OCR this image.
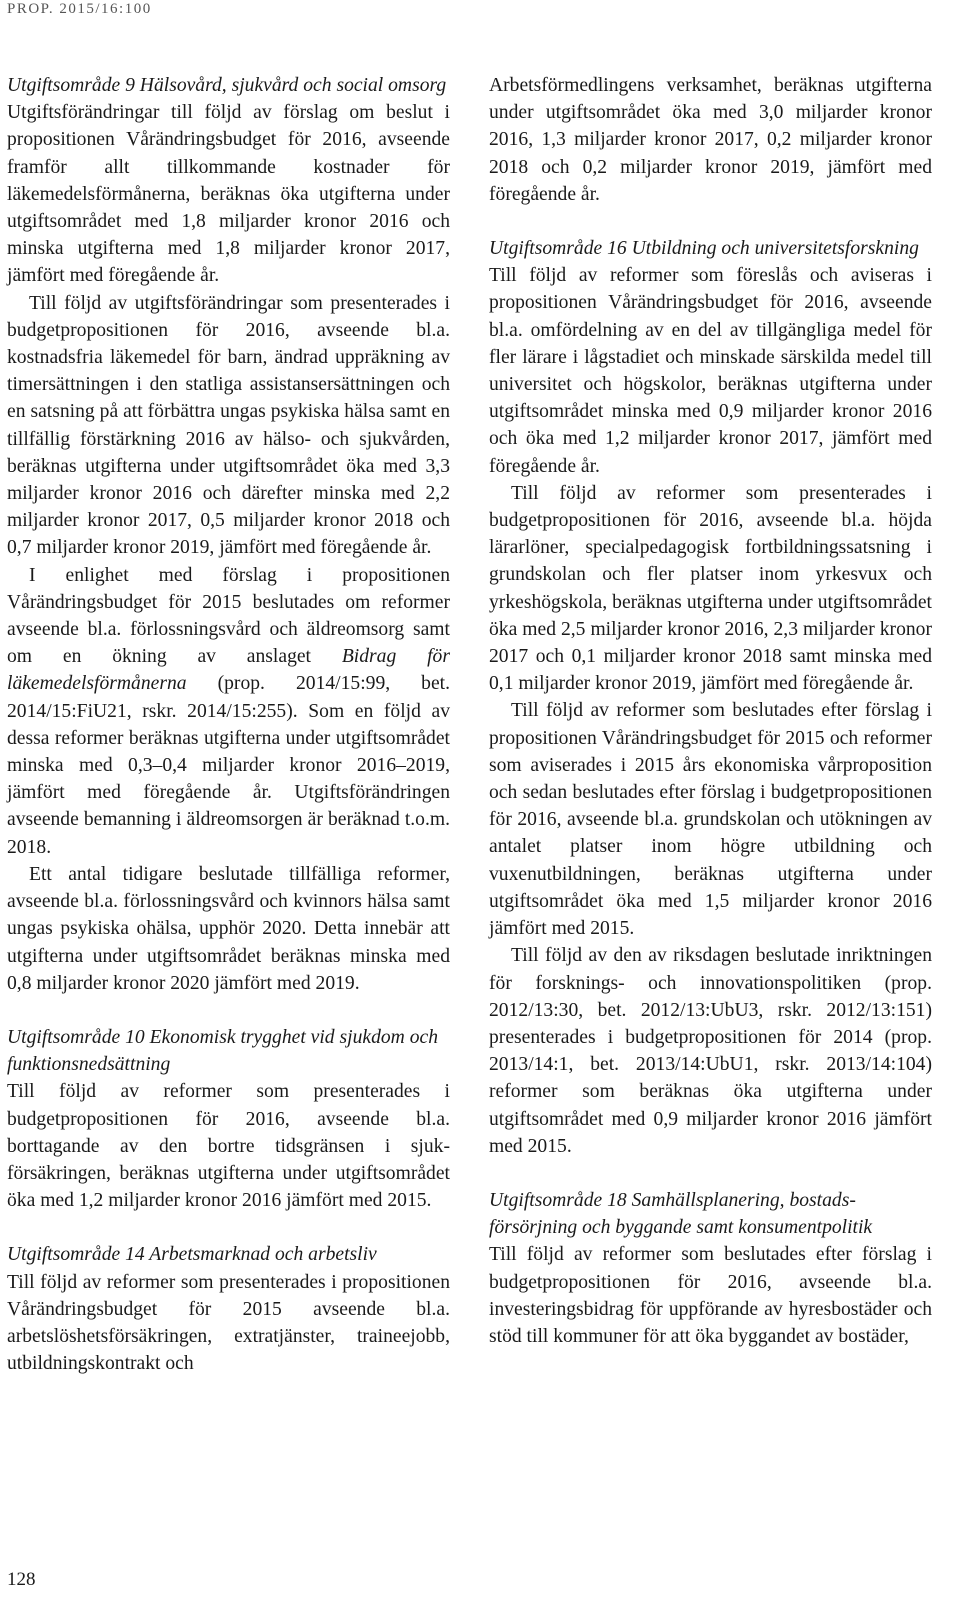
PROP. 2015/16:100
Utgiftsområde 9 Hälsovård, sjukvård och social omsorg

Utgiftsförändringar till följd av förslag om beslut i propositionen Vårändringsbudget för 2016, avseende framför allt tillkommande kostnader för läkemedelsförmånerna, beräknas öka utgifterna under utgiftsområdet med 1,8 miljarder kronor 2016 och minska utgifterna med 1,8 miljarder kronor 2017, jämfört med föregående år.

Till följd av utgiftsförändringar som presenterades i budgetpropositionen för 2016, avseende bl.a. kostnadsfria läkemedel för barn, ändrad uppräkning av timersättningen i den statliga assistansersättningen och en satsning på att förbättra ungas psykiska hälsa samt en tillfällig förstärkning 2016 av hälso- och sjukvården, beräknas utgifterna under utgiftsområdet öka med 3,3 miljarder kronor 2016 och därefter minska med 2,2 miljarder kronor 2017, 0,5 miljarder kronor 2018 och 0,7 miljarder kronor 2019, jämfört med föregående år.

I enlighet med förslag i propositionen Vårändringsbudget för 2015 beslutades om reformer avseende bl.a. förlossningsvård och äldreomsorg samt om en ökning av anslaget Bidrag för läkemedelsförmånerna (prop. 2014/15:99, bet. 2014/15:FiU21, rskr. 2014/15:255). Som en följd av dessa reformer beräknas utgifterna under utgiftsområdet minska med 0,3–0,4 miljarder kronor 2016–2019, jämfört med föregående år. Utgiftsförändringen avseende bemanning i äldreomsorgen är beräknad t.o.m. 2018.

Ett antal tidigare beslutade tillfälliga reformer, avseende bl.a. förlossningsvård och kvinnors hälsa samt ungas psykiska ohälsa, upphör 2020. Detta innebär att utgifterna under utgiftsområdet beräknas minska med 0,8 miljarder kronor 2020 jämfört med 2019.

Utgiftsområde 10 Ekonomisk trygghet vid sjukdom och funktionsnedsättning

Till följd av reformer som presenterades i budgetpropositionen för 2016, avseende bl.a. borttagande av den bortre tidsgränsen i sjukförsäkringen, beräknas utgifterna under utgiftsområdet öka med 1,2 miljarder kronor 2016 jämfört med 2015.

Utgiftsområde 14 Arbetsmarknad och arbetsliv

Till följd av reformer som presenterades i propositionen Vårändringsbudget för 2015 avseende bl.a. arbetslöshetsförsäkringen, extratjänster, traineejobb, utbildningskontrakt och

Arbetsförmedlingens verksamhet, beräknas utgifterna under utgiftsområdet öka med 3,0 miljarder kronor 2016, 1,3 miljarder kronor 2017, 0,2 miljarder kronor 2018 och 0,2 miljarder kronor 2019, jämfört med föregående år.

Utgiftsområde 16 Utbildning och universitetsforskning

Till följd av reformer som föreslås och aviseras i propositionen Vårändringsbudget för 2016, avseende bl.a. omfördelning av en del av tillgängliga medel för fler lärare i lågstadiet och minskade särskilda medel till universitet och högskolor, beräknas utgifterna under utgiftsområdet minska med 0,9 miljarder kronor 2016 och öka med 1,2 miljarder kronor 2017, jämfört med föregående år.

Till följd av reformer som presenterades i budgetpropositionen för 2016, avseende bl.a. höjda lärarlöner, specialpedagogisk fortbildningssatsning i grundskolan och fler platser inom yrkesvux och yrkeshögskola, beräknas utgifterna under utgiftsområdet öka med 2,5 miljarder kronor 2016, 2,3 miljarder kronor 2017 och 0,1 miljarder kronor 2018 samt minska med 0,1 miljarder kronor 2019, jämfört med föregående år.

Till följd av reformer som beslutades efter förslag i propositionen Vårändringsbudget för 2015 och reformer som aviserades i 2015 års ekonomiska vårproposition och sedan beslutades efter förslag i budgetpropositionen för 2016, avseende bl.a. grundskolan och utökningen av antalet platser inom högre utbildning och vuxenutbildningen, beräknas utgifterna under utgiftsområdet öka med 1,5 miljarder kronor 2016 jämfört med 2015.

Till följd av den av riksdagen beslutade inriktningen för forsknings- och innovationspolitiken (prop. 2012/13:30, bet. 2012/13:UbU3, rskr. 2012/13:151) presenterades i budgetpropositionen för 2014 (prop. 2013/14:1, bet. 2013/14:UbU1, rskr. 2013/14:104) reformer som beräknas öka utgifterna under utgiftsområdet med 0,9 miljarder kronor 2016 jämfört med 2015.

Utgiftsområde 18 Samhällsplanering, bostadsförsörjning och byggande samt konsumentpolitik

Till följd av reformer som beslutades efter förslag i budgetpropositionen för 2016, avseende bl.a. investeringsbidrag för uppförande av hyresbostäder och stöd till kommuner för att öka byggandet av bostäder,

128
